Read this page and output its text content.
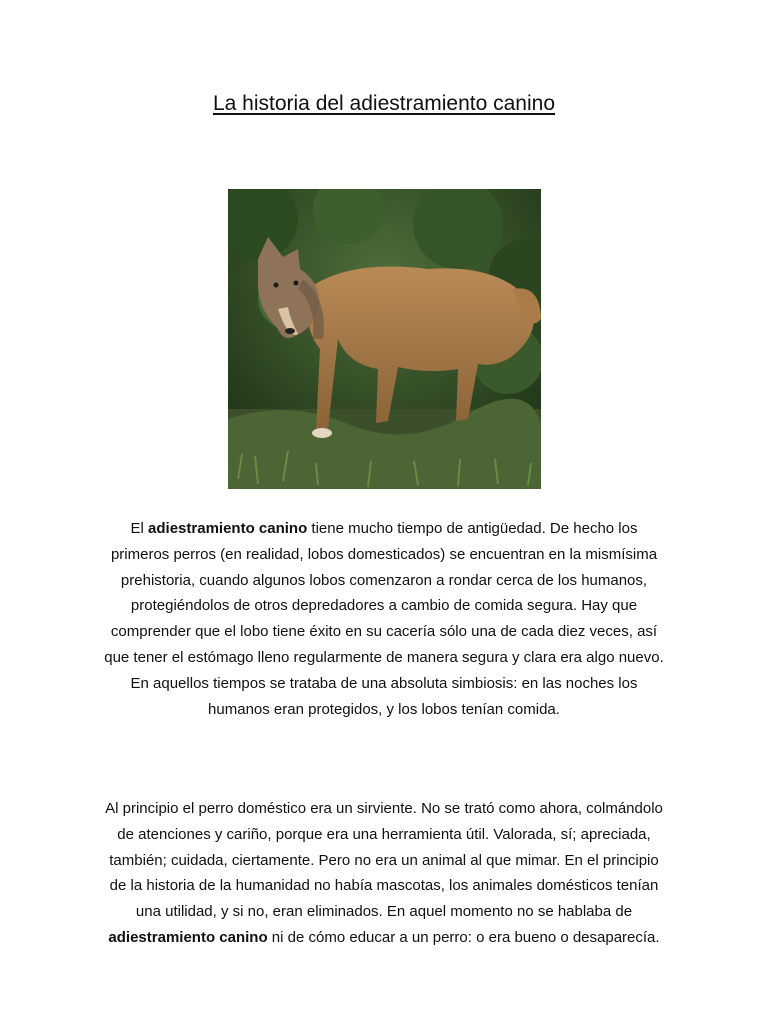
La historia del adiestramiento canino

El adiestramiento canino tiene mucho tiempo de antigüedad. De hecho los primeros perros (en realidad, lobos domesticados) se encuentran en la mismísima prehistoria, cuando algunos lobos comenzaron a rondar cerca de los humanos, protegiéndolos de otros depredadores a cambio de comida segura. Hay que comprender que el lobo tiene éxito en su cacería sólo una de cada diez veces, así que tener el estómago lleno regularmente de manera segura y clara era algo nuevo. En aquellos tiempos se trataba de una absoluta simbiosis: en las noches los humanos eran protegidos, y los lobos tenían comida.

Al principio el perro doméstico era un sirviente. No se trató como ahora, colmándolo de atenciones y cariño, porque era una herramienta útil. Valorada, sí; apreciada, también; cuidada, ciertamente. Pero no era un animal al que mimar. En el principio de la historia de la humanidad no había mascotas, los animales domésticos tenían una utilidad, y si no, eran eliminados. En aquel momento no se hablaba de adiestramiento canino ni de cómo educar a un perro: o era bueno o desaparecía.
